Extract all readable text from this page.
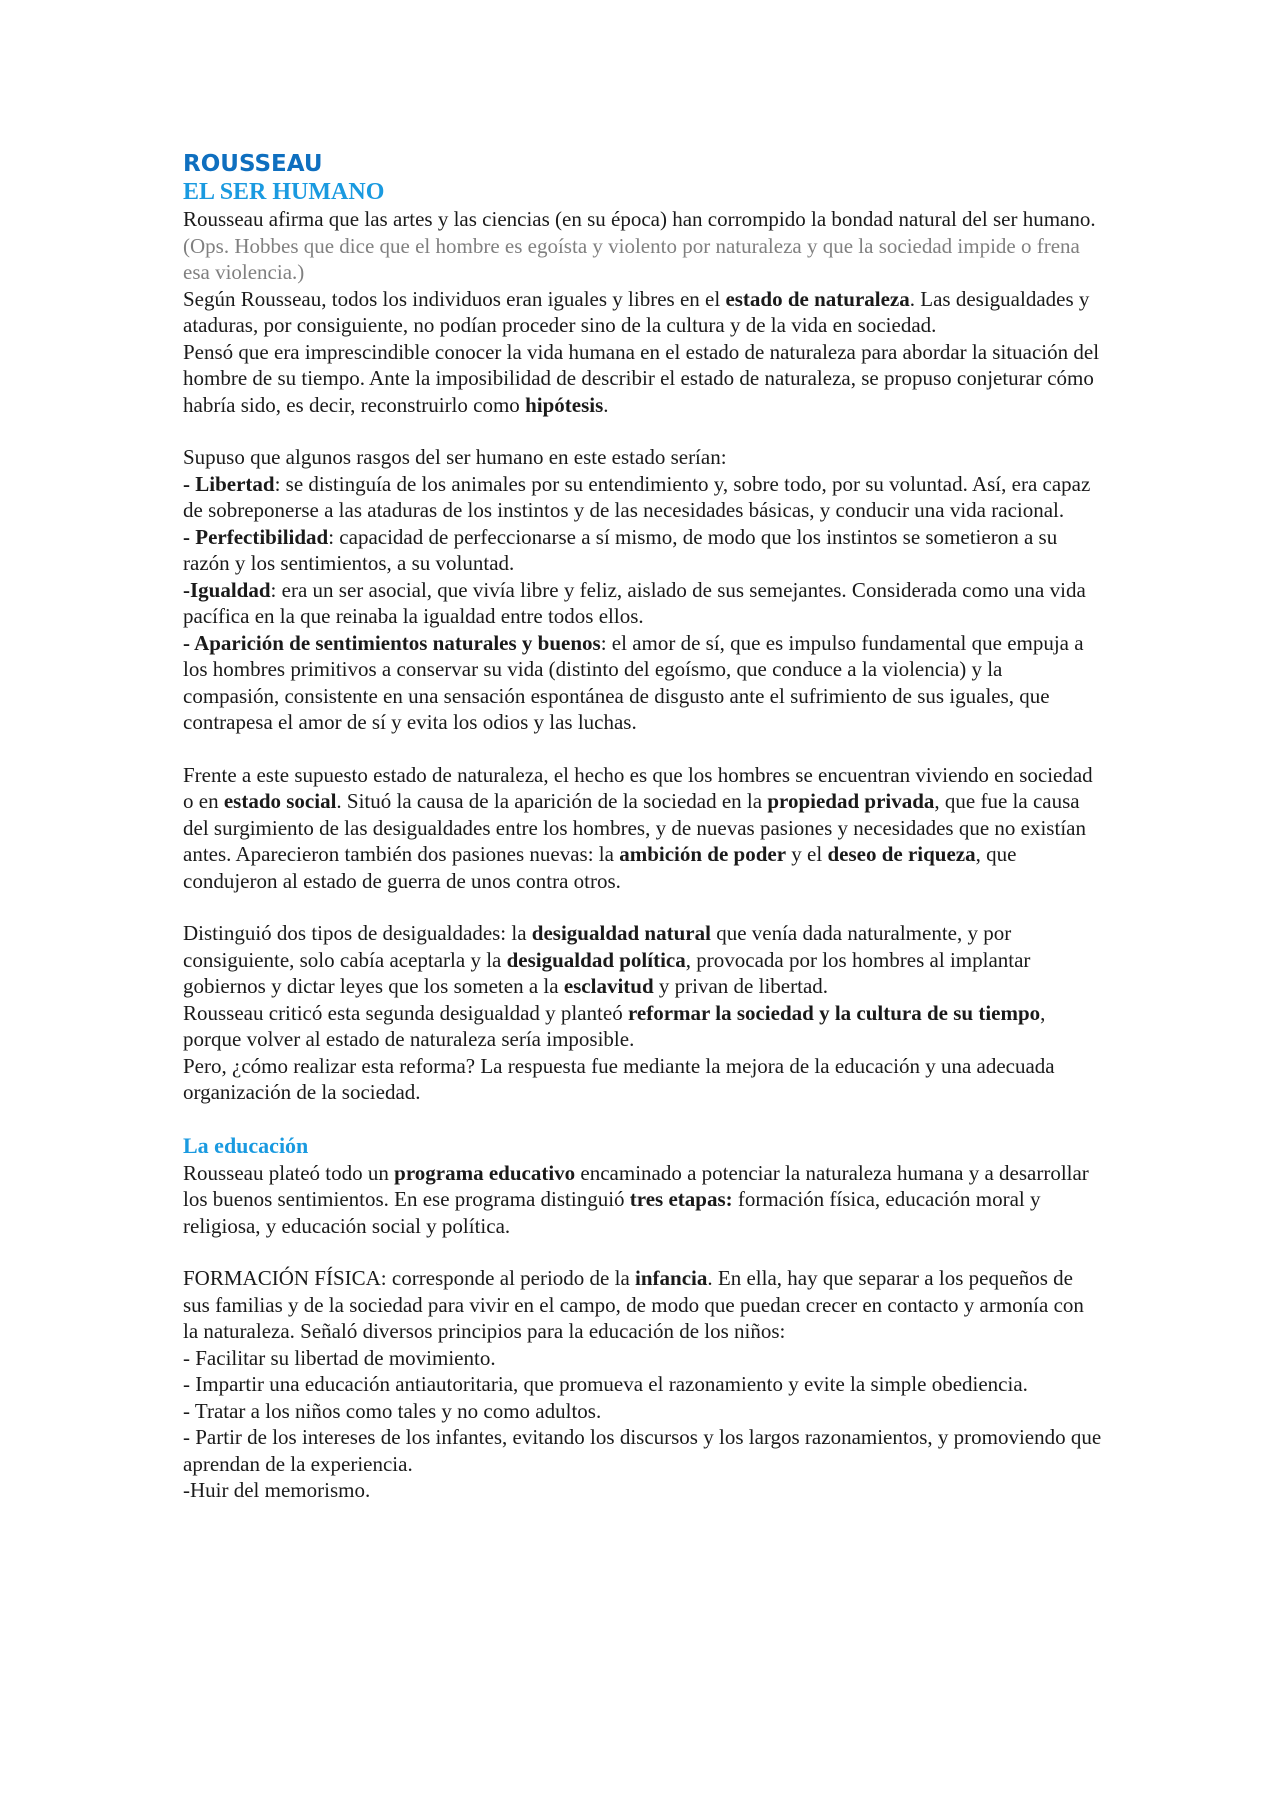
ROUSSEAU
EL SER HUMANO

Rousseau afirma que las artes y las ciencias (en su época) han corrompido la bondad natural del ser humano. (Ops. Hobbes que dice que el hombre es egoísta y violento por naturaleza y que la sociedad impide o frena esa violencia.)

Según Rousseau, todos los individuos eran iguales y libres en el estado de naturaleza. Las desigualdades y ataduras, por consiguiente, no podían proceder sino de la cultura y de la vida en sociedad.

Pensó que era imprescindible conocer la vida humana en el estado de naturaleza para abordar la situación del hombre de su tiempo. Ante la imposibilidad de describir el estado de naturaleza, se propuso conjeturar cómo habría sido, es decir, reconstruirlo como hipótesis.

Supuso que algunos rasgos del ser humano en este estado serían:

- Libertad: se distinguía de los animales por su entendimiento y, sobre todo, por su voluntad. Así, era capaz de sobreponerse a las ataduras de los instintos y de las necesidades básicas, y conducir una vida racional.

- Perfectibilidad: capacidad de perfeccionarse a sí mismo, de modo que los instintos se sometieron a su razón y los sentimientos, a su voluntad.

-Igualdad: era un ser asocial, que vivía libre y feliz, aislado de sus semejantes. Considerada como una vida pacífica en la que reinaba la igualdad entre todos ellos.

- Aparición de sentimientos naturales y buenos: el amor de sí, que es impulso fundamental que empuja a los hombres primitivos a conservar su vida (distinto del egoísmo, que conduce a la violencia) y la compasión, consistente en una sensación espontánea de disgusto ante el sufrimiento de sus iguales, que contrapesa el amor de sí y evita los odios y las luchas.

Frente a este supuesto estado de naturaleza, el hecho es que los hombres se encuentran viviendo en sociedad o en estado social. Situó la causa de la aparición de la sociedad en la propiedad privada, que fue la causa del surgimiento de las desigualdades entre los hombres, y de nuevas pasiones y necesidades que no existían antes. Aparecieron también dos pasiones nuevas: la ambición de poder y el deseo de riqueza, que condujeron al estado de guerra de unos contra otros.

Distinguió dos tipos de desigualdades: la desigualdad natural que venía dada naturalmente, y por consiguiente, solo cabía aceptarla y la desigualdad política, provocada por los hombres al implantar gobiernos y dictar leyes que los someten a la esclavitud y privan de libertad.

Rousseau criticó esta segunda desigualdad y planteó reformar la sociedad y la cultura de su tiempo, porque volver al estado de naturaleza sería imposible.

Pero, ¿cómo realizar esta reforma? La respuesta fue mediante la mejora de la educación y una adecuada organización de la sociedad.

La educación

Rousseau plateó todo un programa educativo encaminado a potenciar la naturaleza humana y a desarrollar los buenos sentimientos. En ese programa distinguió tres etapas: formación física, educación moral y religiosa, y educación social y política.

FORMACIÓN FÍSICA: corresponde al periodo de la infancia. En ella, hay que separar a los pequeños de sus familias y de la sociedad para vivir en el campo, de modo que puedan crecer en contacto y armonía con la naturaleza. Señaló diversos principios para la educación de los niños:

- Facilitar su libertad de movimiento.

- Impartir una educación antiautoritaria, que promueva el razonamiento y evite la simple obediencia.

- Tratar a los niños como tales y no como adultos.

- Partir de los intereses de los infantes, evitando los discursos y los largos razonamientos, y promoviendo que aprendan de la experiencia.

-Huir del memorismo.
